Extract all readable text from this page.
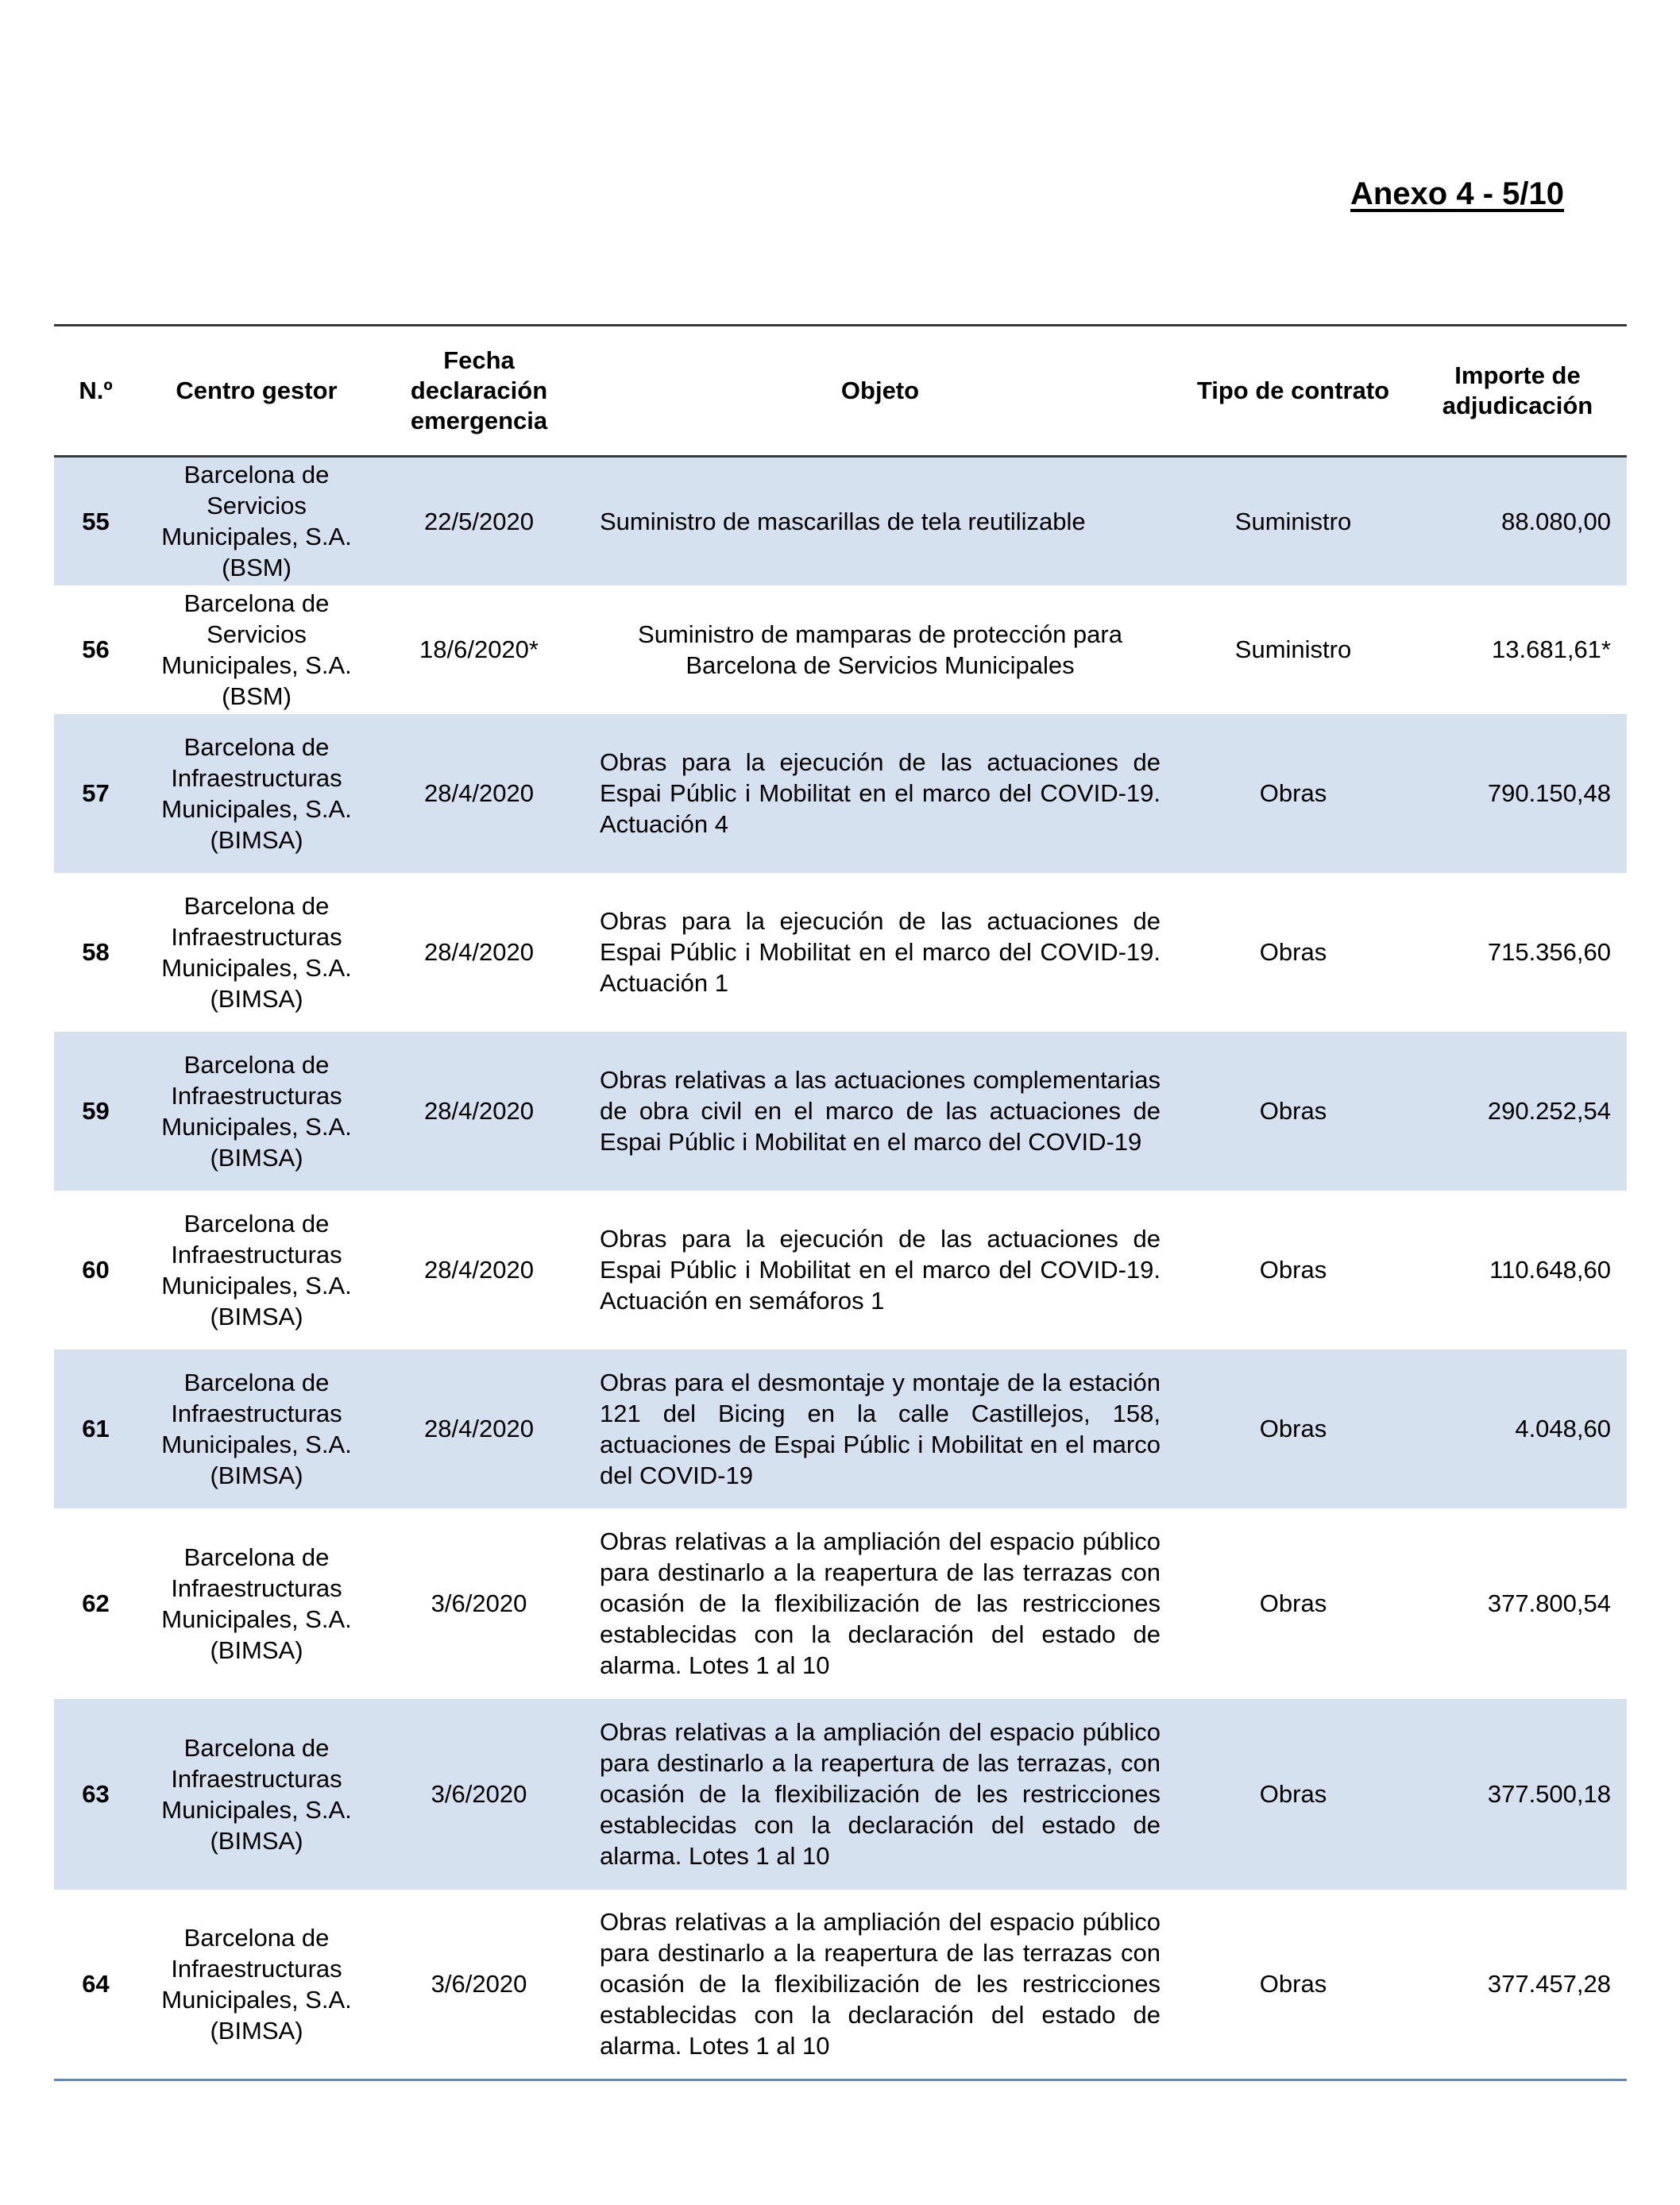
Anexo 4 - 5/10
N.º	Centro gestor	Fecha declaración emergencia	Objeto	Tipo de contrato	Importe de adjudicación
55	Barcelona de Servicios Municipales, S.A. (BSM)	22/5/2020	Suministro de mascarillas de tela reutilizable	Suministro	88.080,00
56	Barcelona de Servicios Municipales, S.A. (BSM)	18/6/2020*	Suministro de mamparas de protección para Barcelona de Servicios Municipales	Suministro	13.681,61*
57	Barcelona de Infraestructuras Municipales, S.A. (BIMSA)	28/4/2020	Obras para la ejecución de las actuaciones de Espai Públic i Mobilitat en el marco del COVID-19. Actuación 4	Obras	790.150,48
58	Barcelona de Infraestructuras Municipales, S.A. (BIMSA)	28/4/2020	Obras para la ejecución de las actuaciones de Espai Públic i Mobilitat en el marco del COVID-19. Actuación 1	Obras	715.356,60
59	Barcelona de Infraestructuras Municipales, S.A. (BIMSA)	28/4/2020	Obras relativas a las actuaciones complementarias de obra civil en el marco de las actuaciones de Espai Públic i Mobilitat en el marco del COVID-19	Obras	290.252,54
60	Barcelona de Infraestructuras Municipales, S.A. (BIMSA)	28/4/2020	Obras para la ejecución de las actuaciones de Espai Públic i Mobilitat en el marco del COVID-19. Actuación en semáforos 1	Obras	110.648,60
61	Barcelona de Infraestructuras Municipales, S.A. (BIMSA)	28/4/2020	Obras para el desmontaje y montaje de la estación 121 del Bicing en la calle Castillejos, 158, actuaciones de Espai Públic i Mobilitat en el marco del COVID-19	Obras	4.048,60
62	Barcelona de Infraestructuras Municipales, S.A. (BIMSA)	3/6/2020	Obras relativas a la ampliación del espacio público para destinarlo a la reapertura de las terrazas con ocasión de la flexibilización de las restricciones establecidas con la declaración del estado de alarma. Lotes 1 al 10	Obras	377.800,54
63	Barcelona de Infraestructuras Municipales, S.A. (BIMSA)	3/6/2020	Obras relativas a la ampliación del espacio público para destinarlo a la reapertura de las terrazas, con ocasión de la flexibilización de les restricciones establecidas con la declaración del estado de alarma. Lotes 1 al 10	Obras	377.500,18
64	Barcelona de Infraestructuras Municipales, S.A. (BIMSA)	3/6/2020	Obras relativas a la ampliación del espacio público para destinarlo a la reapertura de las terrazas con ocasión de la flexibilización de les restricciones establecidas con la declaración del estado de alarma. Lotes 1 al 10	Obras	377.457,28
